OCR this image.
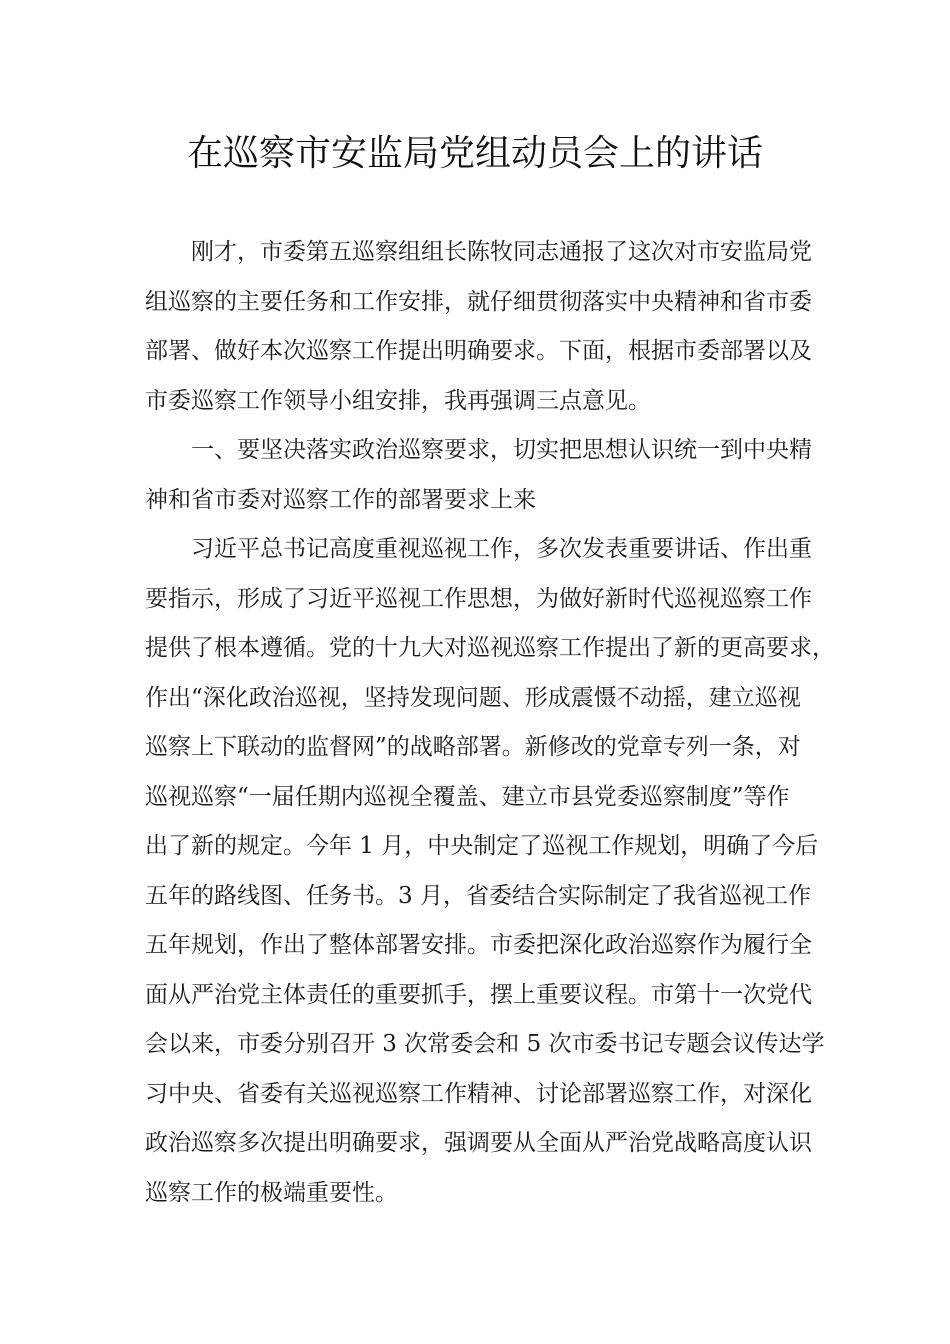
在巡察市安监局党组动员会上的讲话
刚才，市委第五巡察组组长陈牧同志通报了这次对市安监局党
组巡察的主要任务和工作安排，就仔细贯彻落实中央精神和省市委
部署、做好本次巡察工作提出明确要求。下面，根据市委部署以及
市委巡察工作领导小组安排，我再强调三点意见。
一、要坚决落实政治巡察要求，切实把思想认识统一到中央精
神和省市委对巡察工作的部署要求上来
习近平总书记高度重视巡视工作，多次发表重要讲话、作出重
要指示，形成了习近平巡视工作思想，为做好新时代巡视巡察工作
提供了根本遵循。党的十九大对巡视巡察工作提出了新的更高要求，
作出“深化政治巡视，坚持发现问题、形成震慑不动摇，建立巡视
巡察上下联动的监督网”的战略部署。新修改的党章专列一条，对
巡视巡察“一届任期内巡视全覆盖、建立市县党委巡察制度”等作
出了新的规定。今年 1 月，中央制定了巡视工作规划，明确了今后
五年的路线图、任务书。3 月，省委结合实际制定了我省巡视工作
五年规划，作出了整体部署安排。市委把深化政治巡察作为履行全
面从严治党主体责任的重要抓手，摆上重要议程。市第十一次党代
会以来，市委分别召开 3 次常委会和 5 次市委书记专题会议传达学
习中央、省委有关巡视巡察工作精神、讨论部署巡察工作，对深化
政治巡察多次提出明确要求，强调要从全面从严治党战略高度认识
巡察工作的极端重要性。
